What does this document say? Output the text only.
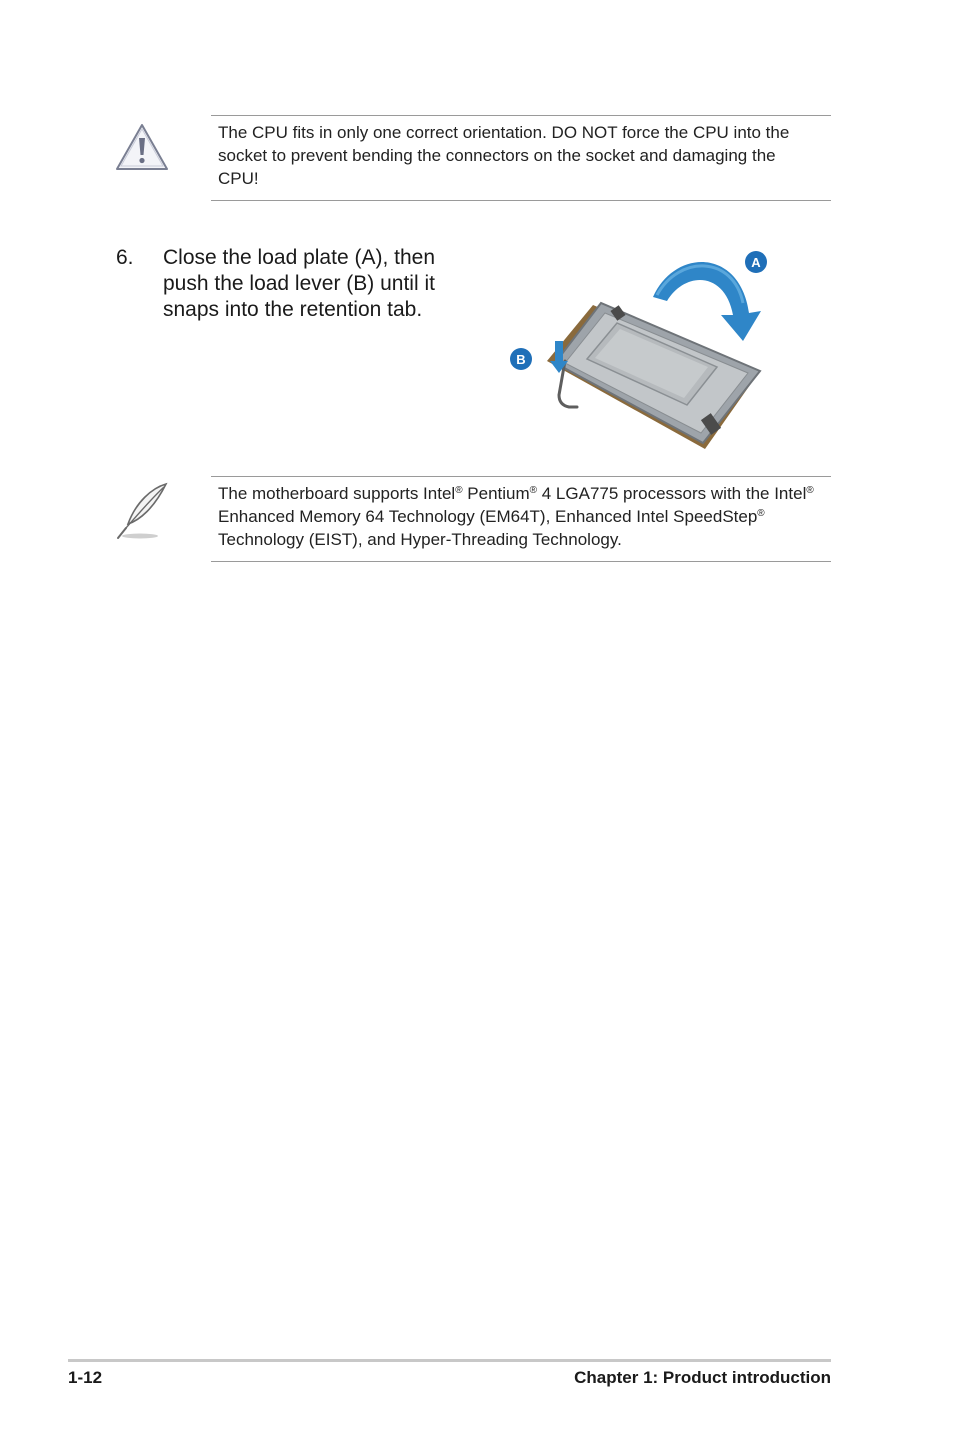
The CPU fits in only one correct orientation. DO NOT force the CPU into the socket to prevent bending the connectors on the socket and damaging the CPU!
6. Close the load plate (A), then push the load lever (B) until it snaps into the retention tab.
A
B
The motherboard supports Intel® Pentium® 4 LGA775 processors with the Intel® Enhanced Memory 64 Technology (EM64T), Enhanced Intel SpeedStep® Technology (EIST), and Hyper-Threading Technology.
1-12	Chapter 1: Product introduction
